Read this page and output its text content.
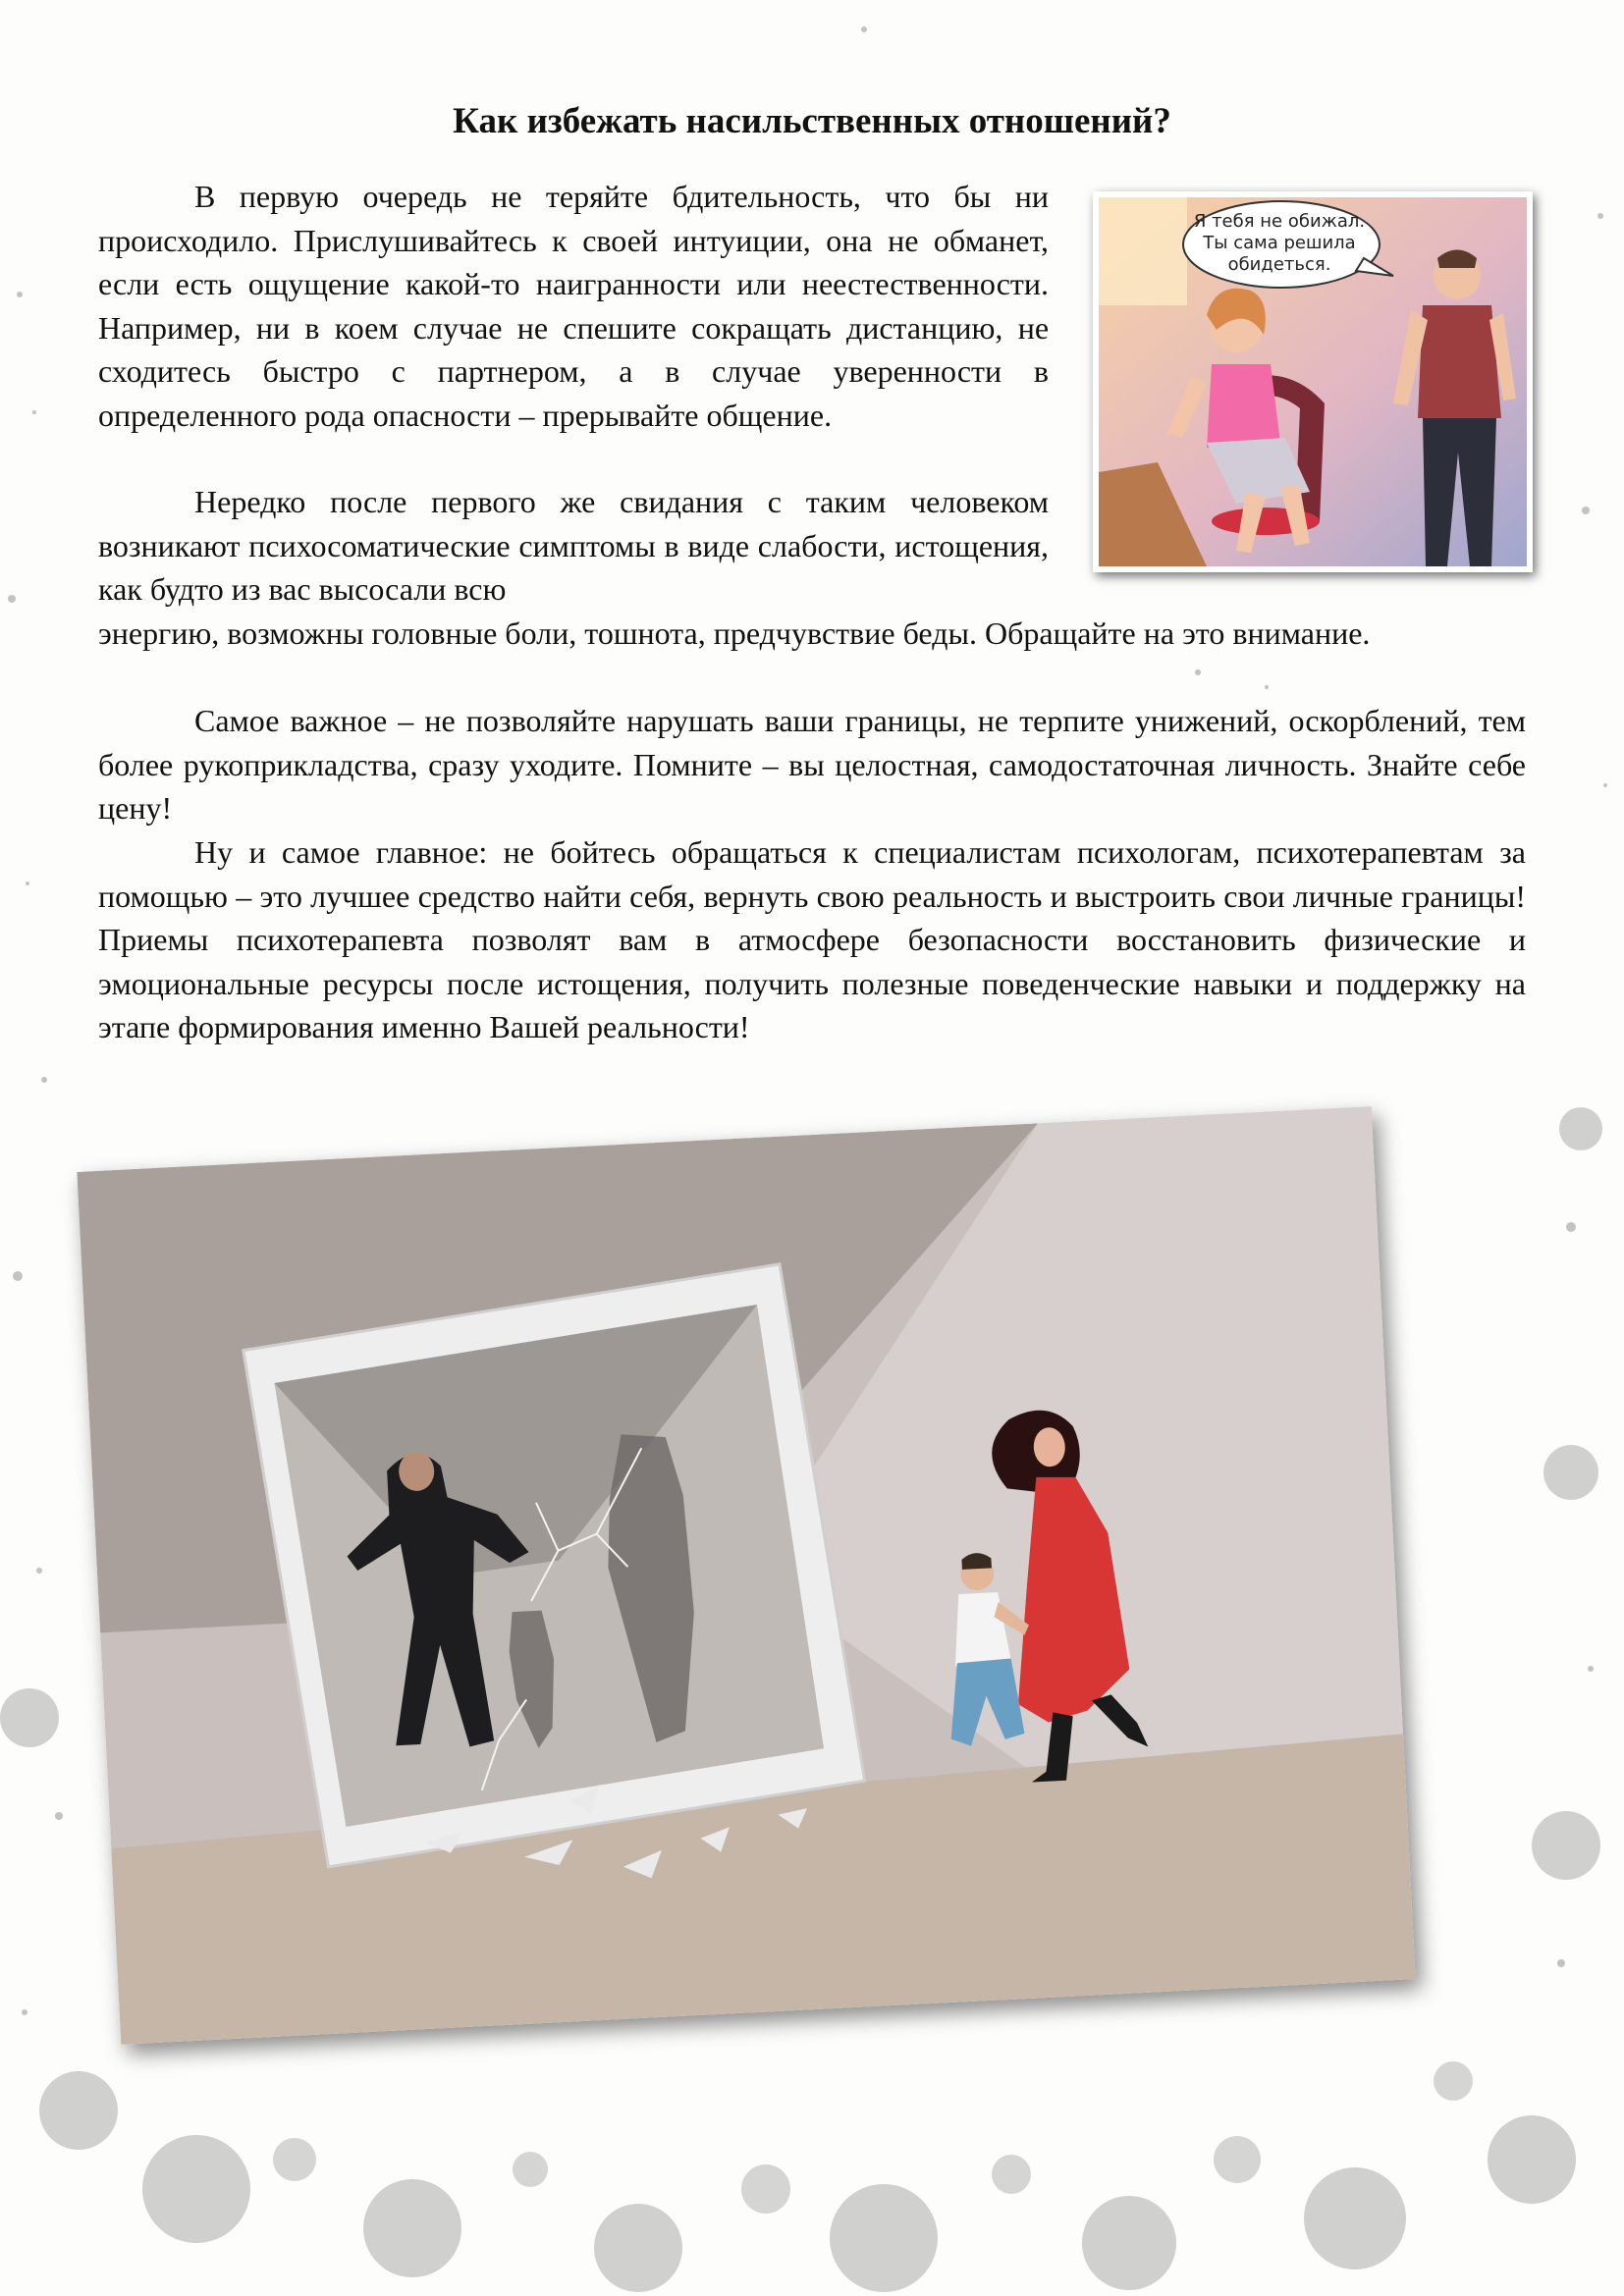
Как избежать насильственных отношений?

В первую очередь не теряйте бдительность, что бы ни происходило. Прислушивайтесь к своей интуиции, она не обманет, если есть ощущение какой-то наигранности или неестественности. Например, ни в коем случае не спешите сокращать дистанцию, не сходитесь быстро с партнером, а в случае уверенности в определенного рода опасности – прерывайте общение.

Нередко после первого же свидания с таким человеком возникают психосоматические симптомы в виде слабости, истощения, как будто из вас высосали всю

энергию, возможны головные боли, тошнота, предчувствие беды. Обращайте на это внимание.

Самое важное – не позволяйте нарушать ваши границы, не терпите унижений, оскорблений, тем более рукоприкладства, сразу уходите. Помните – вы целостная, самодостаточная личность. Знайте себе цену!

Ну и самое главное: не бойтесь обращаться к специалистам психологам, психотерапевтам за помощью – это лучшее средство найти себя, вернуть свою реальность и выстроить свои личные границы! Приемы психотерапевта позволят вам в атмосфере безопасности восстановить физические и эмоциональные ресурсы после истощения, получить полезные поведенческие навыки и поддержку на этапе формирования именно Вашей реальности!

Я тебя не обижал.
Ты сама решила
обидеться.
